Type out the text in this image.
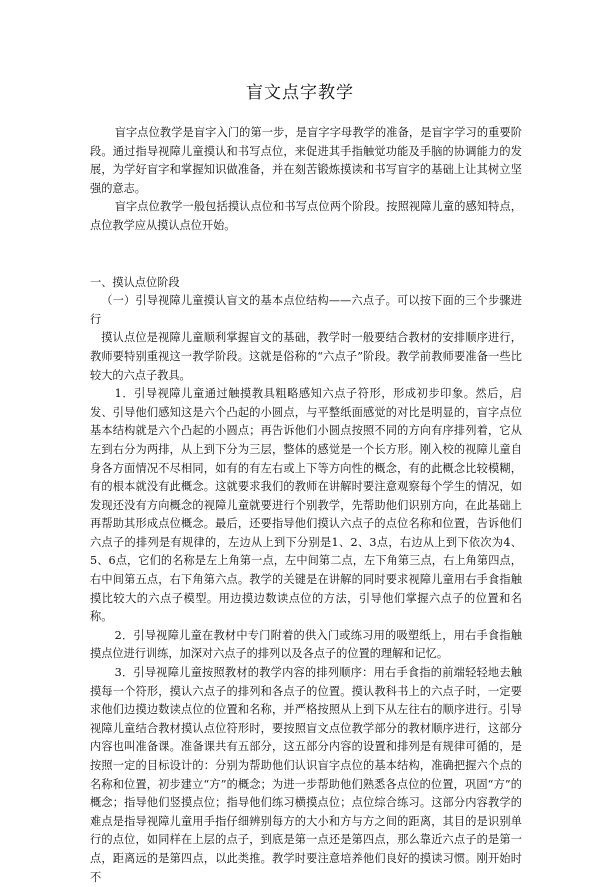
盲文点字教学

盲字点位教学是盲字入门的第一步，是盲字字母教学的准备，是盲字学习的重要阶段。通过指导视障儿童摸认和书写点位，来促进其手指触觉功能及手脑的协调能力的发展，为学好盲字和掌握知识做准备，并在刻苦锻炼摸读和书写盲字的基础上让其树立坚强的意志。

盲字点位教学一般包括摸认点位和书写点位两个阶段。按照视障儿童的感知特点，点位教学应从摸认点位开始。

一、摸认点位阶段

（一）引导视障儿童摸认盲文的基本点位结构——六点子。可以按下面的三个步骤进行

摸认点位是视障儿童顺利掌握盲文的基础，教学时一般要结合教材的安排顺序进行，教师要特别重视这一教学阶段。这就是俗称的“六点子”阶段。教学前教师要准备一些比较大的六点子教具。

1．引导视障儿童通过触摸教具粗略感知六点子符形，形成初步印象。然后，启发、引导他们感知这是六个凸起的小圆点，与平整纸面感觉的对比是明显的，盲字点位基本结构就是六个凸起的小圆点；再告诉他们小圆点按照不同的方向有序排列着，它从左到右分为两排，从上到下分为三层，整体的感觉是一个长方形。刚入校的视障儿童自身各方面情况不尽相同，如有的有左右或上下等方向性的概念，有的此概念比较模糊，有的根本就没有此概念。这就要求我们的教师在讲解时要注意观察每个学生的情况，如发现还没有方向概念的视障儿童就要进行个别教学，先帮助他们识别方向，在此基础上再帮助其形成点位概念。最后，还要指导他们摸认六点子的点位名称和位置，告诉他们六点子的排列是有规律的，左边从上到下分别是1、2、3点，右边从上到下依次为4、5、6点，它们的名称是左上角第一点，左中间第二点，左下角第三点，右上角第四点，右中间第五点，右下角第六点。教学的关键是在讲解的同时要求视障儿童用右手食指触摸比较大的六点子模型。用边摸边数读点位的方法，引导他们掌握六点子的位置和名称。

2．引导视障儿童在教材中专门附着的供入门或练习用的吸塑纸上，用右手食指触摸点位进行训练，加深对六点子的排列以及各点子的位置的理解和记忆。

3．引导视障儿童按照教材的教学内容的排列顺序：用右手食指的前端轻轻地去触摸每一个符形，摸认六点子的排列和各点子的位置。摸认教科书上的六点子时，一定要求他们边摸边数读点位的位置和名称，并严格按照从上到下从左往右的顺序进行。引导视障儿童结合教材摸认点位符形时，要按照盲文点位教学部分的教材顺序进行，这部分内容也叫准备课。准备课共有五部分，这五部分内容的设置和排列是有规律可循的，是按照一定的目标设计的：分别为帮助他们认识盲字点位的基本结构，准确把握六个点的名称和位置，初步建立“方”的概念；为进一步帮助他们熟悉各点位的位置，巩固“方”的概念；指导他们竖摸点位；指导他们练习横摸点位；点位综合练习。这部分内容教学的难点是指导视障儿童用手指仔细辨别每方的大小和方与方之间的距离，其目的是识别单行的点位，如同样在上层的点子，到底是第一点还是第四点，那么靠近六点子的是第一点，距离远的是第四点，以此类推。教学时要注意培养他们良好的摸读习惯。刚开始时不
